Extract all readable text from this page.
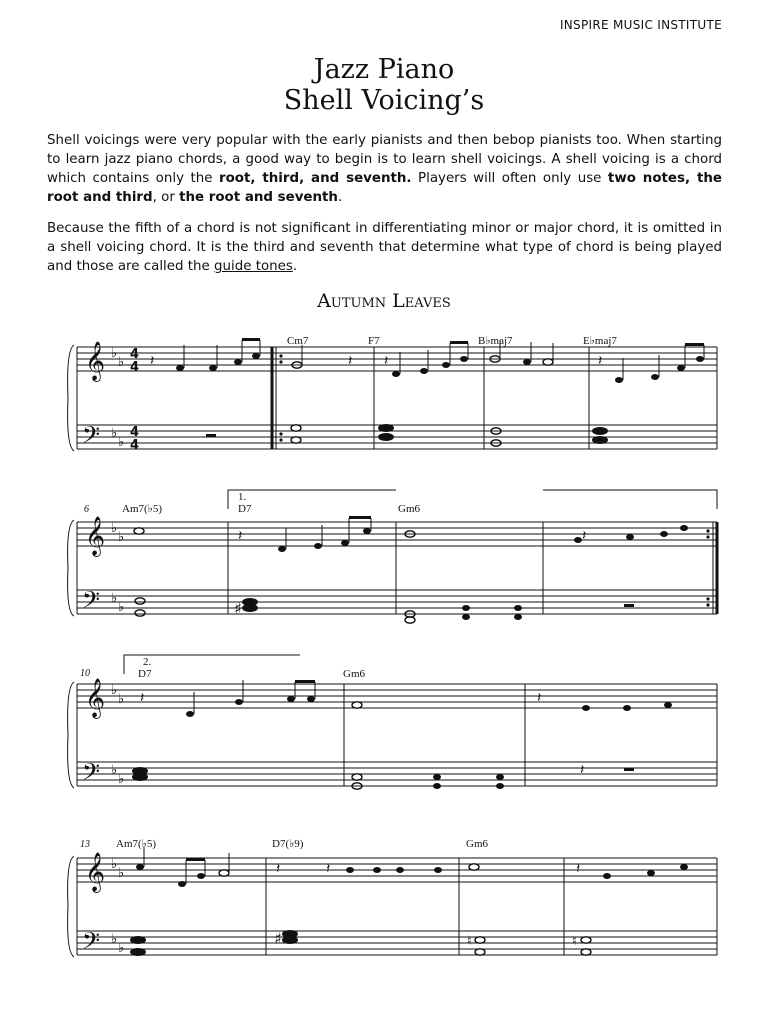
INSPIRE MUSIC INSTITUTE
Jazz Piano
Shell Voicing’s
Shell voicings were very popular with the early pianists and then bebop pianists too. When starting to learn jazz piano chords, a good way to begin is to learn shell voicings. A shell voicing is a chord which contains only the root, third, and seventh. Players will often only use two notes, the root and third, or the root and seventh.
Because the fifth of a chord is not significant in differentiating minor or major chord, it is omitted in a shell voicing chord. It is the third and seventh that determine what type of chord is being played and those are called the guide tones.
Autumn Leaves
𝄞
𝄢
♭
♭
♭
♭
4
4
4
4
𝄽	𝄽 𝄽	𝄽
Cm7	F7	B♭maj7	E♭maj7
6
𝄞
𝄢
♭
♭
♭
♭
1.
Am7(♭5)	D7	Gm6
𝄽
♯
𝄽
10
𝄞
𝄢
♭
♭
♭
♭
2.
D7	Gm6
𝄽	𝄽
𝄽
13
𝄞
𝄢
♭
♭
♭
♭
Am7(♭5)	D7(♭9)	Gm6
𝄽	𝄽
♯	♮
𝄽
♮
